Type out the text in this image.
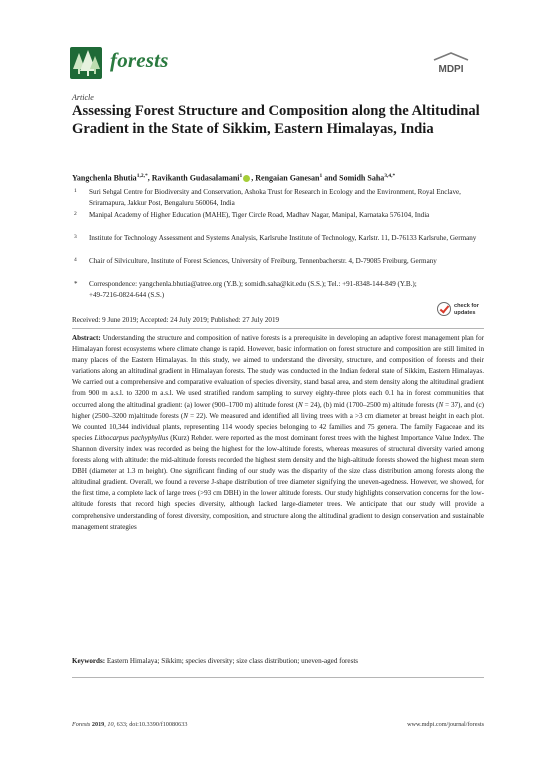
forests	MDPI
Article
Assessing Forest Structure and Composition along the Altitudinal Gradient in the State of Sikkim, Eastern Himalayas, India
Yangchenla Bhutia$^{1,2,*}$, Ravikanth Gudasalamani$^1$ , Rengaian Ganesan$^1$ and Somidh Saha$^{3,4,*}$
1	Suri Sehgal Centre for Biodiversity and Conservation, Ashoka Trust for Research in Ecology and the Environment, Royal Enclave, Sriramapura, Jakkur Post, Bengaluru 560064, India
2	Manipal Academy of Higher Education (MAHE), Tiger Circle Road, Madhav Nagar, Manipal, Karnataka 576104, India
3	Institute for Technology Assessment and Systems Analysis, Karlsruhe Institute of Technology, Karlstr. 11, D-76133 Karlsruhe, Germany
4	Chair of Silviculture, Institute of Forest Sciences, University of Freiburg, Tennenbacherstr. 4, D-79085 Freiburg, Germany
*	Correspondence: yangchenla.bhutia@atree.org (Y.B.); somidh.saha@kit.edu (S.S.); Tel.: +91-8348-144-849 (Y.B.); +49-7216-0824-644 (S.S.)
check for
updates
Received: 9 June 2019; Accepted: 24 July 2019; Published: 27 July 2019

Abstract: Understanding the structure and composition of native forests is a prerequisite in developing an adaptive forest management plan for Himalayan forest ecosystems where climate change is rapid. However, basic information on forest structure and composition are still limited in many places of the Eastern Himalayas. In this study, we aimed to understand the diversity, structure, and composition of forests and their variations along an altitudinal gradient in Himalayan forests. The study was conducted in the Indian federal state of Sikkim, Eastern Himalayas. We carried out a comprehensive and comparative evaluation of species diversity, stand basal area, and stem density along the altitudinal gradient from 900 m a.s.l. to 3200 m a.s.l. We used stratified random sampling to survey eighty-three plots each 0.1 ha in forest communities that occurred along the altitudinal gradient: (a) lower (900–1700 m) altitude forest (N = 24), (b) mid (1700–2500 m) altitude forests (N = 37), and (c) higher (2500–3200 m)altitude forests (N = 22). We measured and identified all living trees with a >3 cm diameter at breast height in each plot. We counted 10,344 individual plants, representing 114 woody species belonging to 42 families and 75 genera. The family Fagaceae and its species Lithocarpus pachyphyllus (Kurz) Rehder. were reported as the most dominant forest trees with the highest Importance Value Index. The Shannon diversity index was recorded as being the highest for the low-altitude forests, whereas measures of structural diversity varied among forests along with altitude: the mid-altitude forests recorded the highest stem density and the high-altitude forests showed the highest mean stem DBH (diameter at 1.3 m height). One significant finding of our study was the disparity of the size class distribution among forests along the altitudinal gradient. Overall, we found a reverse J-shape distribution of tree diameter signifying the uneven-agedness. However, we showed, for the first time, a complete lack of large trees (>93 cm DBH) in the lower altitude forests. Our study highlights conservation concerns for the low-altitude forests that record high species diversity, although lacked large-diameter trees. We anticipate that our study will provide a comprehensive understanding of forest diversity, composition, and structure along the altitudinal gradient to design conservation and sustainable management strategies

Keywords: Eastern Himalaya; Sikkim; species diversity; size class distribution; uneven-aged forests
Forests 2019, 10, 633; doi:10.3390/f10080633	www.mdpi.com/journal/forests
